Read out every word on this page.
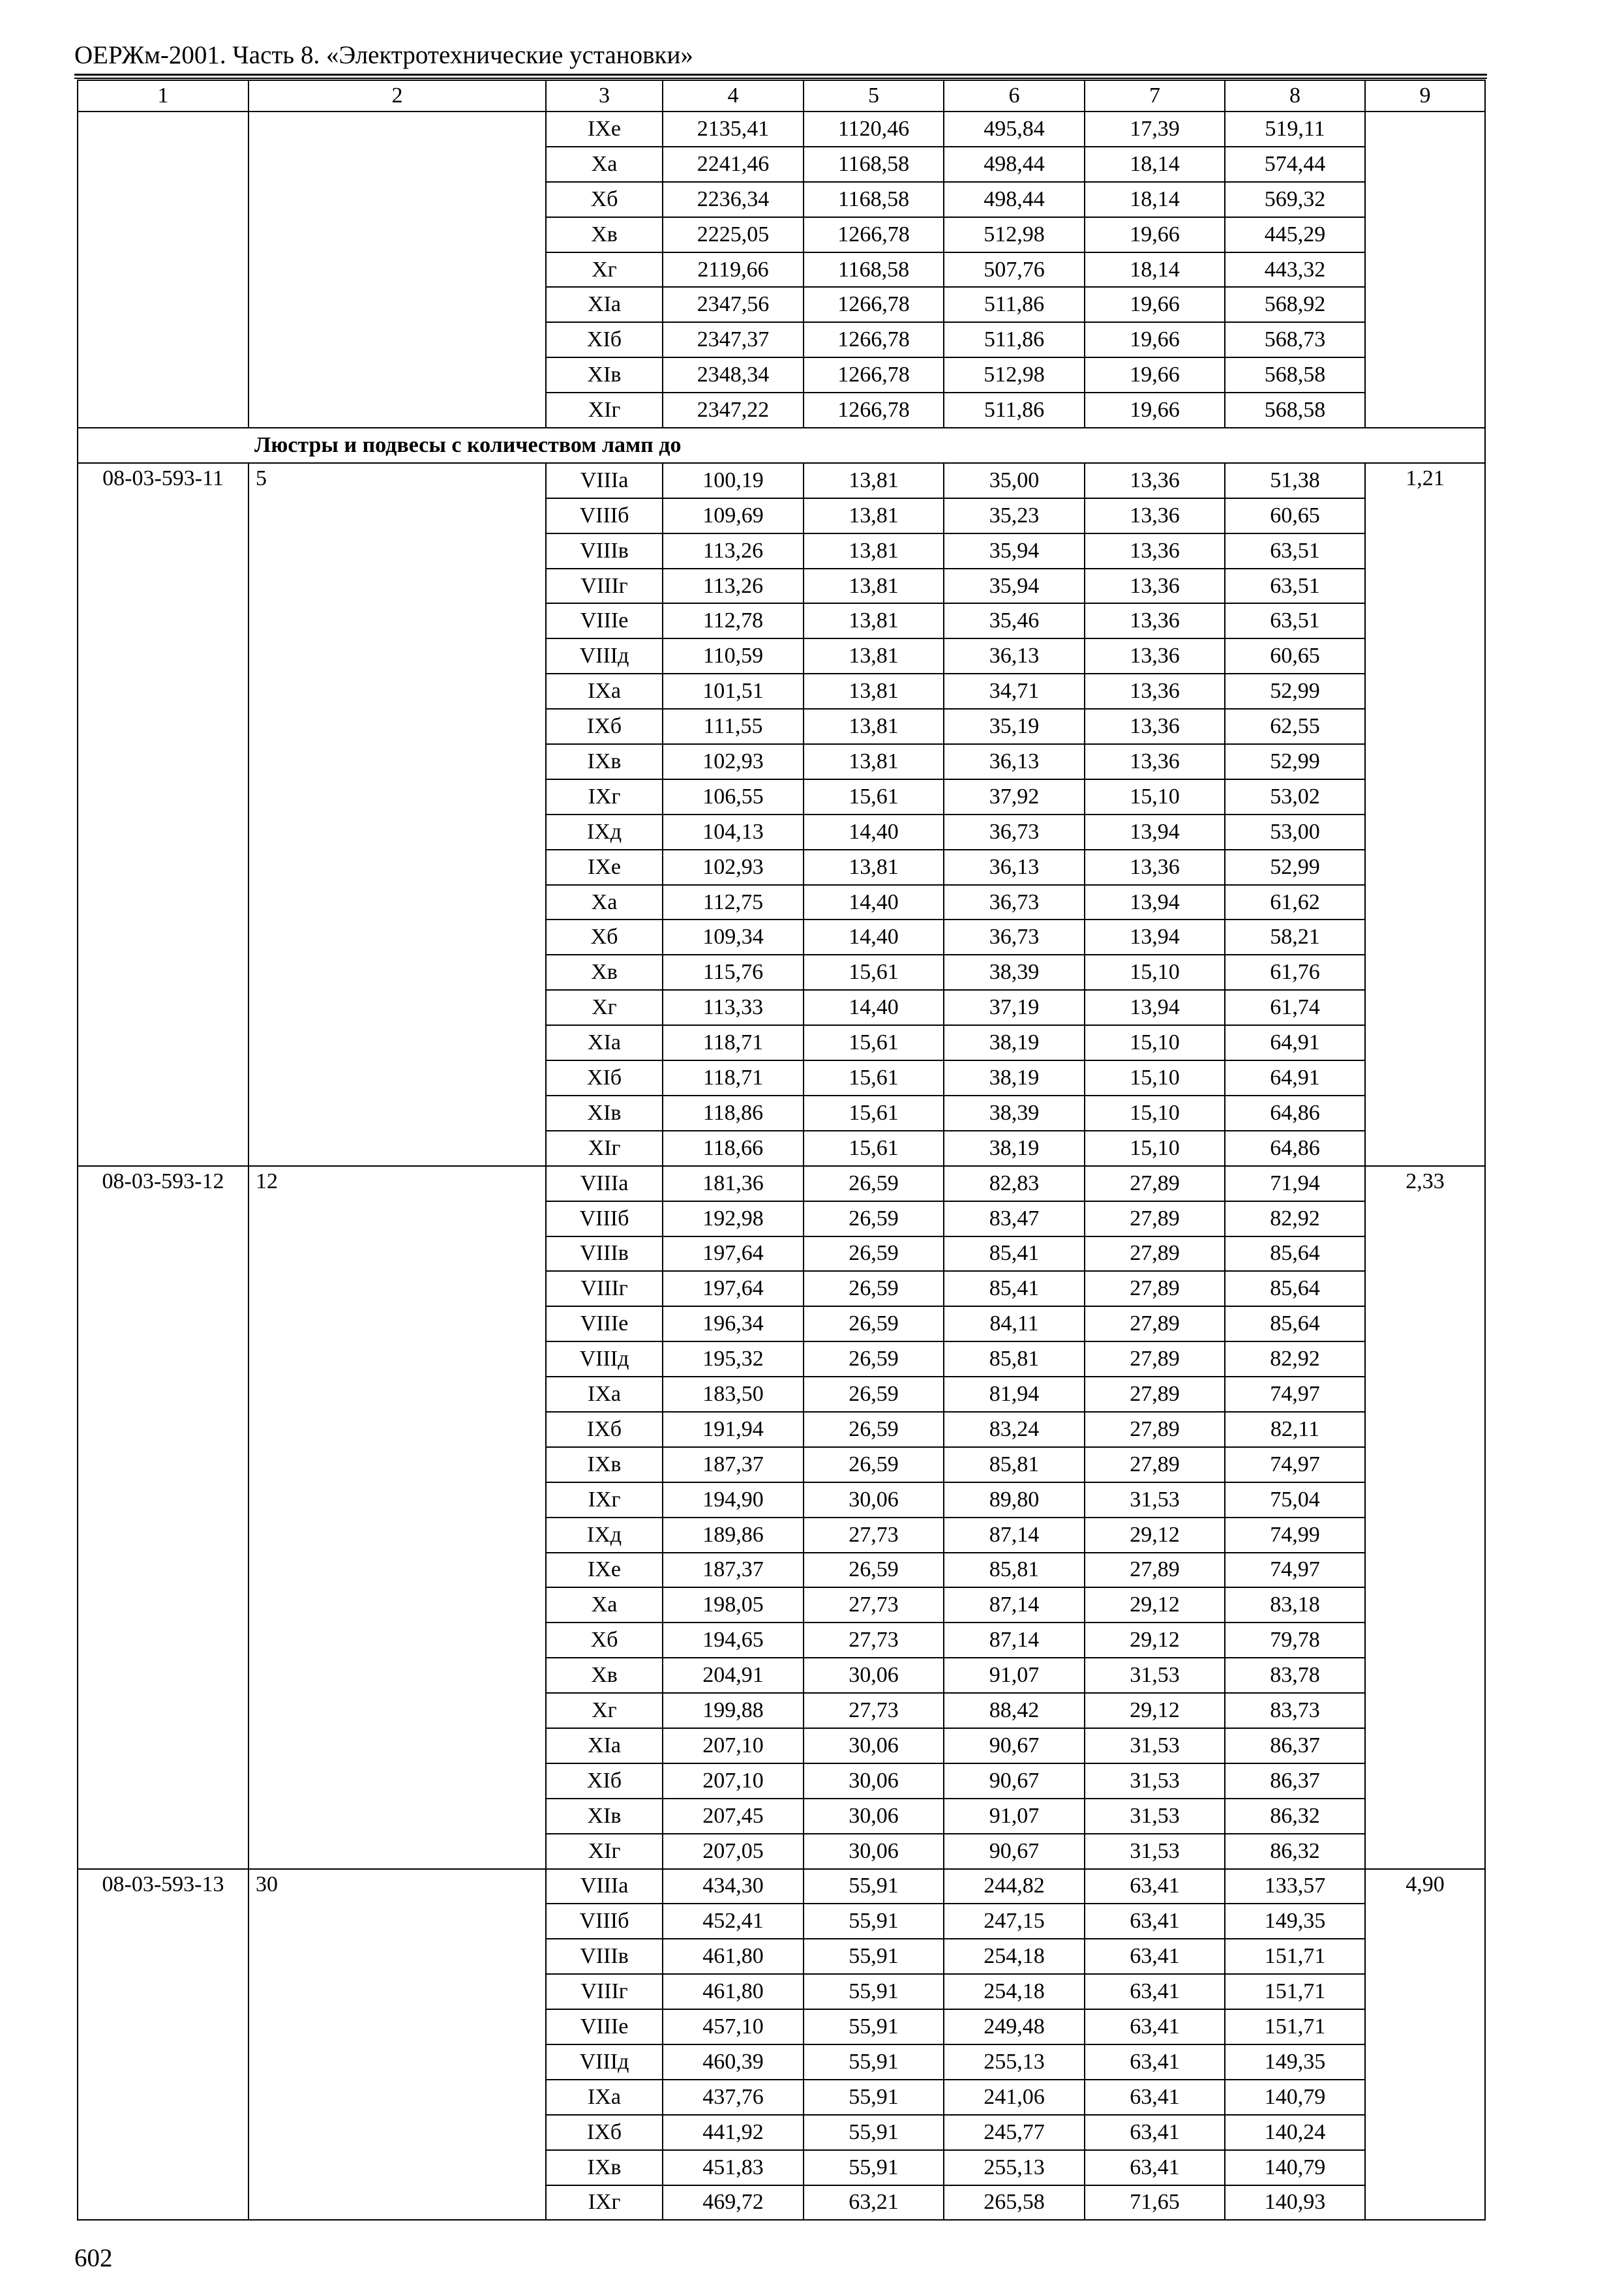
ОЕРЖм-2001. Часть 8. «Электротехнические установки»
1	2	3	4	5	6	7	8	9
		IXе	2135,41	1120,46	495,84	17,39	519,11	
		Xа	2241,46	1168,58	498,44	18,14	574,44	
		Xб	2236,34	1168,58	498,44	18,14	569,32	
		Xв	2225,05	1266,78	512,98	19,66	445,29	
		Xг	2119,66	1168,58	507,76	18,14	443,32	
		XIа	2347,56	1266,78	511,86	19,66	568,92	
		XIб	2347,37	1266,78	511,86	19,66	568,73	
		XIв	2348,34	1266,78	512,98	19,66	568,58	
		XIг	2347,22	1266,78	511,86	19,66	568,58	
Люстры и подвесы с количеством ламп до								
08-03-593-11	5	VIIIа	100,19	13,81	35,00	13,36	51,38	1,21
		VIIIб	109,69	13,81	35,23	13,36	60,65	
		VIIIв	113,26	13,81	35,94	13,36	63,51	
		VIIIг	113,26	13,81	35,94	13,36	63,51	
		VIIIе	112,78	13,81	35,46	13,36	63,51	
		VIIIд	110,59	13,81	36,13	13,36	60,65	
		IXа	101,51	13,81	34,71	13,36	52,99	
		IXб	111,55	13,81	35,19	13,36	62,55	
		IXв	102,93	13,81	36,13	13,36	52,99	
		IXг	106,55	15,61	37,92	15,10	53,02	
		IXд	104,13	14,40	36,73	13,94	53,00	
		IXе	102,93	13,81	36,13	13,36	52,99	
		Xа	112,75	14,40	36,73	13,94	61,62	
		Xб	109,34	14,40	36,73	13,94	58,21	
		Xв	115,76	15,61	38,39	15,10	61,76	
		Xг	113,33	14,40	37,19	13,94	61,74	
		XIа	118,71	15,61	38,19	15,10	64,91	
		XIб	118,71	15,61	38,19	15,10	64,91	
		XIв	118,86	15,61	38,39	15,10	64,86	
		XIг	118,66	15,61	38,19	15,10	64,86	
08-03-593-12	12	VIIIа	181,36	26,59	82,83	27,89	71,94	2,33
		VIIIб	192,98	26,59	83,47	27,89	82,92	
		VIIIв	197,64	26,59	85,41	27,89	85,64	
		VIIIг	197,64	26,59	85,41	27,89	85,64	
		VIIIе	196,34	26,59	84,11	27,89	85,64	
		VIIIд	195,32	26,59	85,81	27,89	82,92	
		IXа	183,50	26,59	81,94	27,89	74,97	
		IXб	191,94	26,59	83,24	27,89	82,11	
		IXв	187,37	26,59	85,81	27,89	74,97	
		IXг	194,90	30,06	89,80	31,53	75,04	
		IXд	189,86	27,73	87,14	29,12	74,99	
		IXе	187,37	26,59	85,81	27,89	74,97	
		Xа	198,05	27,73	87,14	29,12	83,18	
		Xб	194,65	27,73	87,14	29,12	79,78	
		Xв	204,91	30,06	91,07	31,53	83,78	
		Xг	199,88	27,73	88,42	29,12	83,73	
		XIа	207,10	30,06	90,67	31,53	86,37	
		XIб	207,10	30,06	90,67	31,53	86,37	
		XIв	207,45	30,06	91,07	31,53	86,32	
		XIг	207,05	30,06	90,67	31,53	86,32	
08-03-593-13	30	VIIIа	434,30	55,91	244,82	63,41	133,57	4,90
		VIIIб	452,41	55,91	247,15	63,41	149,35	
		VIIIв	461,80	55,91	254,18	63,41	151,71	
		VIIIг	461,80	55,91	254,18	63,41	151,71	
		VIIIе	457,10	55,91	249,48	63,41	151,71	
		VIIIд	460,39	55,91	255,13	63,41	149,35	
		IXа	437,76	55,91	241,06	63,41	140,79	
		IXб	441,92	55,91	245,77	63,41	140,24	
		IXв	451,83	55,91	255,13	63,41	140,79	
		IXг	469,72	63,21	265,58	71,65	140,93	
602
